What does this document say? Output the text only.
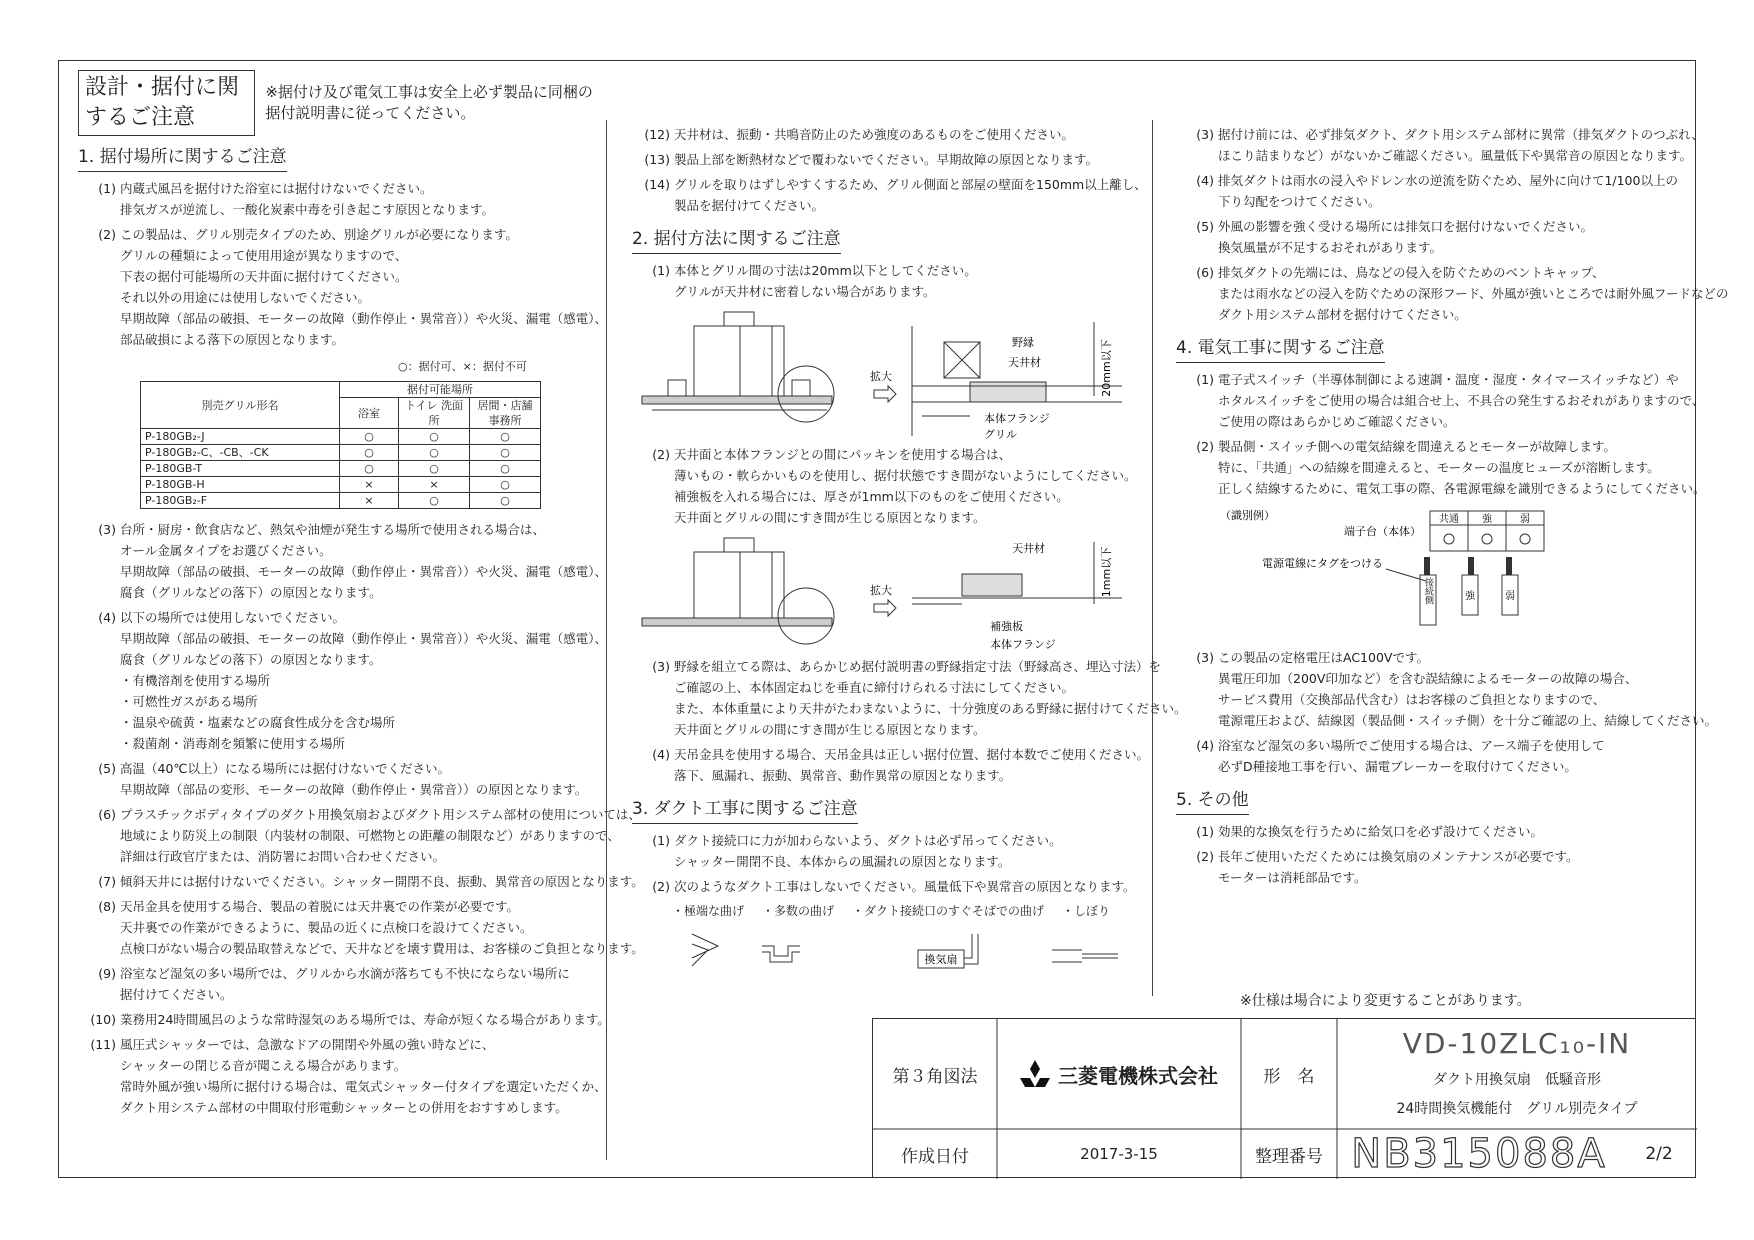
設計・据付に関するご注意
※据付け及び電気工事は安全上必ず製品に同梱の据付説明書に従ってください。
1. 据付場所に関するご注意
(1) 内蔵式風呂を据付けた浴室には据付けないでください。
排気ガスが逆流し、一酸化炭素中毒を引き起こす原因となります。
(2) この製品は、グリル別売タイプのため、別途グリルが必要になります。
グリルの種類によって使用用途が異なりますので、
下表の据付可能場所の天井面に据付けてください。
それ以外の用途には使用しないでください。
早期故障（部品の破損、モーターの故障（動作停止・異常音））や火災、漏電（感電）、
部品破損による落下の原因となります。
○：据付可、×：据付不可
別売グリル形名	据付可能場所		
	浴室	トイレ 洗面所	居間・店舗 事務所
P-180GB₂-J	○	○	○
P-180GB₂-C、-CB、-CK	○	○	○
P-180GB-T	○	○	○
P-180GB-H	×	×	○
P-180GB₂-F	×	○	○
(3) 台所・厨房・飲食店など、熱気や油煙が発生する場所で使用される場合は、
オール金属タイプをお選びください。
早期故障（部品の破損、モーターの故障（動作停止・異常音））や火災、漏電（感電）、
腐食（グリルなどの落下）の原因となります。
(4) 以下の場所では使用しないでください。
早期故障（部品の破損、モーターの故障（動作停止・異常音））や火災、漏電（感電）、
腐食（グリルなどの落下）の原因となります。
・有機溶剤を使用する場所
・可燃性ガスがある場所
・温泉や硫黄・塩素などの腐食性成分を含む場所
・殺菌剤・消毒剤を頻繁に使用する場所
(5) 高温（40℃以上）になる場所には据付けないでください。
早期故障（部品の変形、モーターの故障（動作停止・異常音））の原因となります。
(6) プラスチックボディタイプのダクト用換気扇およびダクト用システム部材の使用については、
地域により防災上の制限（内装材の制限、可燃物との距離の制限など）がありますので、
詳細は行政官庁または、消防署にお問い合わせください。
(7) 傾斜天井には据付けないでください。シャッター開閉不良、振動、異常音の原因となります。
(8) 天吊金具を使用する場合、製品の着脱には天井裏での作業が必要です。
天井裏での作業ができるように、製品の近くに点検口を設けてください。
点検口がない場合の製品取替えなどで、天井などを壊す費用は、お客様のご負担となります。
(9) 浴室など湿気の多い場所では、グリルから水滴が落ちても不快にならない場所に
据付けてください。
(10) 業務用24時間風呂のような常時湿気のある場所では、寿命が短くなる場合があります。
(11) 風圧式シャッターでは、急激なドアの開閉や外風の強い時などに、
シャッターの閉じる音が聞こえる場合があります。
常時外風が強い場所に据付ける場合は、電気式シャッター付タイプを選定いただくか、
ダクト用システム部材の中間取付形電動シャッターとの併用をおすすめします。
(12) 天井材は、振動・共鳴音防止のため強度のあるものをご使用ください。
(13) 製品上部を断熱材などで覆わないでください。早期故障の原因となります。
(14) グリルを取りはずしやすくするため、グリル側面と部屋の壁面を150mm以上離し、
製品を据付けてください。
2. 据付方法に関するご注意
(1) 本体とグリル間の寸法は20mm以下としてください。
グリルが天井材に密着しない場合があります。
拡大	20mm以下
野縁
天井材
本体フランジ
グリル
(2) 天井面と本体フランジとの間にパッキンを使用する場合は、
薄いもの・軟らかいものを使用し、据付状態ですき間がないようにしてください。
補強板を入れる場合には、厚さが1mm以下のものをご使用ください。
天井面とグリルの間にすき間が生じる原因となります。
拡大	1mm以下
天井材
補強板
本体フランジ
(3) 野縁を組立てる際は、あらかじめ据付説明書の野縁指定寸法（野縁高さ、埋込寸法）を
ご確認の上、本体固定ねじを垂直に締付けられる寸法にしてください。
また、本体重量により天井がたわまないように、十分強度のある野縁に据付けてください。
天井面とグリルの間にすき間が生じる原因となります。
(4) 天吊金具を使用する場合、天吊金具は正しい据付位置、据付本数でご使用ください。
落下、風漏れ、振動、異常音、動作異常の原因となります。
3. ダクト工事に関するご注意
(1) ダクト接続口に力が加わらないよう、ダクトは必ず吊ってください。
シャッター開閉不良、本体からの風漏れの原因となります。
(2) 次のようなダクト工事はしないでください。風量低下や異常音の原因となります。
・極端な曲げ ・多数の曲げ ・ダクト接続口のすぐそばでの曲げ ・しぼり
換気扇
(3) 据付け前には、必ず排気ダクト、ダクト用システム部材に異常（排気ダクトのつぶれ、
ほこり詰まりなど）がないかご確認ください。風量低下や異常音の原因となります。
(4) 排気ダクトは雨水の浸入やドレン水の逆流を防ぐため、屋外に向けて1/100以上の
下り勾配をつけてください。
(5) 外風の影響を強く受ける場所には排気口を据付けないでください。
換気風量が不足するおそれがあります。
(6) 排気ダクトの先端には、鳥などの侵入を防ぐためのベントキャップ、
または雨水などの浸入を防ぐための深形フード、外風が強いところでは耐外風フードなどの
ダクト用システム部材を据付けてください。
4. 電気工事に関するご注意
(1) 電子式スイッチ（半導体制御による速調・温度・湿度・タイマースイッチなど）や
ホタルスイッチをご使用の場合は組合せ上、不具合の発生するおそれがありますので、
ご使用の際はあらかじめご確認ください。
(2) 製品側・スイッチ側への電気結線を間違えるとモーターが故障します。
特に、「共通」への結線を間違えると、モーターの温度ヒューズが溶断します。
正しく結線するために、電気工事の際、各電源電線を識別できるようにしてください。
（識別例）
端子台（本体）
共通 強	弱
電源電線にタグをつける
接続側	強	弱
(3) この製品の定格電圧はAC100Vです。
異電圧印加（200V印加など）を含む誤結線によるモーターの故障の場合、
サービス費用（交換部品代含む）はお客様のご負担となりますので、
電源電圧および、結線図（製品側・スイッチ側）を十分ご確認の上、結線してください。
(4) 浴室など湿気の多い場所でご使用する場合は、アース端子を使用して
必ずD種接地工事を行い、漏電ブレーカーを取付けてください。
5. その他
(1) 効果的な換気を行うために給気口を必ず設けてください。
(2) 長年ご使用いただくためには換気扇のメンテナンスが必要です。
モーターは消耗部品です。
※仕様は場合により変更することがあります。
第３角図法	三菱電機株式会社	形　名
VD-10ZLC₁₀-IN
ダクト用換気扇　低騒音形
24時間換気機能付　グリル別売タイプ
作成日付	2017-3-15	整理番号 NB315088A	2/2
